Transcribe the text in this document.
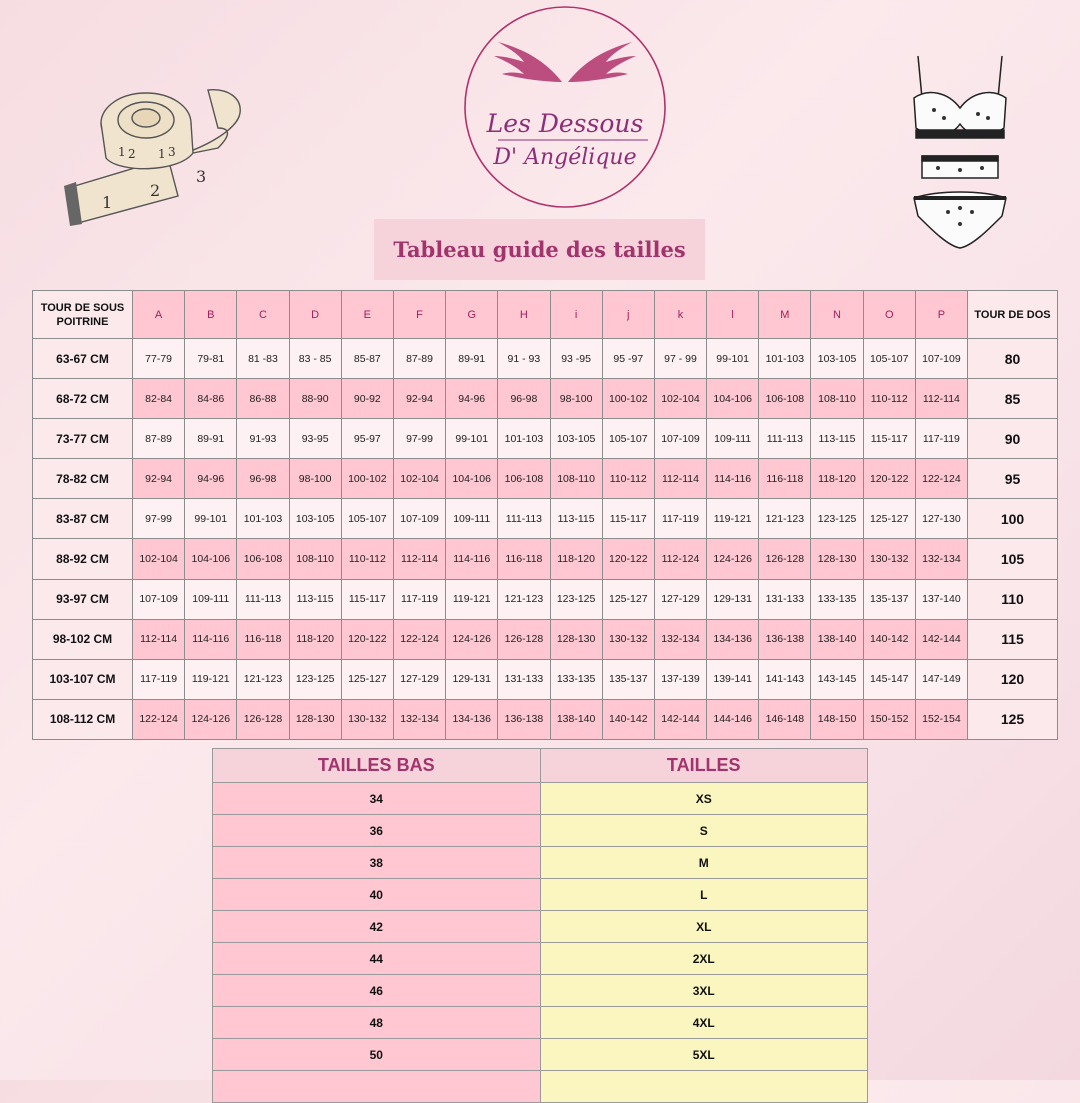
Les Dessous
D' Angélique
1
2
3
1 2 1 3
Tableau guide des tailles
TOUR DE SOUS POITRINE	A	B	C	D	E	F	G	H	i	j	k	l	M	N	O	P	TOUR DE DOS
63-67 CM	77-79	79-81	81 -83	83 - 85	85-87	87-89	89-91	91 - 93	93 -95	95 -97	97 - 99	99-101	101-103	103-105	105-107	107-109	80
68-72 CM	82-84	84-86	86-88	88-90	90-92	92-94	94-96	96-98	98-100	100-102	102-104	104-106	106-108	108-110	110-112	112-114	85
73-77 CM	87-89	89-91	91-93	93-95	95-97	97-99	99-101	101-103	103-105	105-107	107-109	109-111	111-113	113-115	115-117	117-119	90
78-82 CM	92-94	94-96	96-98	98-100	100-102	102-104	104-106	106-108	108-110	110-112	112-114	114-116	116-118	118-120	120-122	122-124	95
83-87 CM	97-99	99-101	101-103	103-105	105-107	107-109	109-111	111-113	113-115	115-117	117-119	119-121	121-123	123-125	125-127	127-130	100
88-92 CM	102-104	104-106	106-108	108-110	110-112	112-114	114-116	116-118	118-120	120-122	112-124	124-126	126-128	128-130	130-132	132-134	105
93-97 CM	107-109	109-111	111-113	113-115	115-117	117-119	119-121	121-123	123-125	125-127	127-129	129-131	131-133	133-135	135-137	137-140	110
98-102 CM	112-114	114-116	116-118	118-120	120-122	122-124	124-126	126-128	128-130	130-132	132-134	134-136	136-138	138-140	140-142	142-144	115
103-107 CM	117-119	119-121	121-123	123-125	125-127	127-129	129-131	131-133	133-135	135-137	137-139	139-141	141-143	143-145	145-147	147-149	120
108-112 CM	122-124	124-126	126-128	128-130	130-132	132-134	134-136	136-138	138-140	140-142	142-144	144-146	146-148	148-150	150-152	152-154	125
TAILLES BAS	TAILLES
34	XS
36	S
38	M
40	L
42	XL
44	2XL
46	3XL
48	4XL
50	5XL
